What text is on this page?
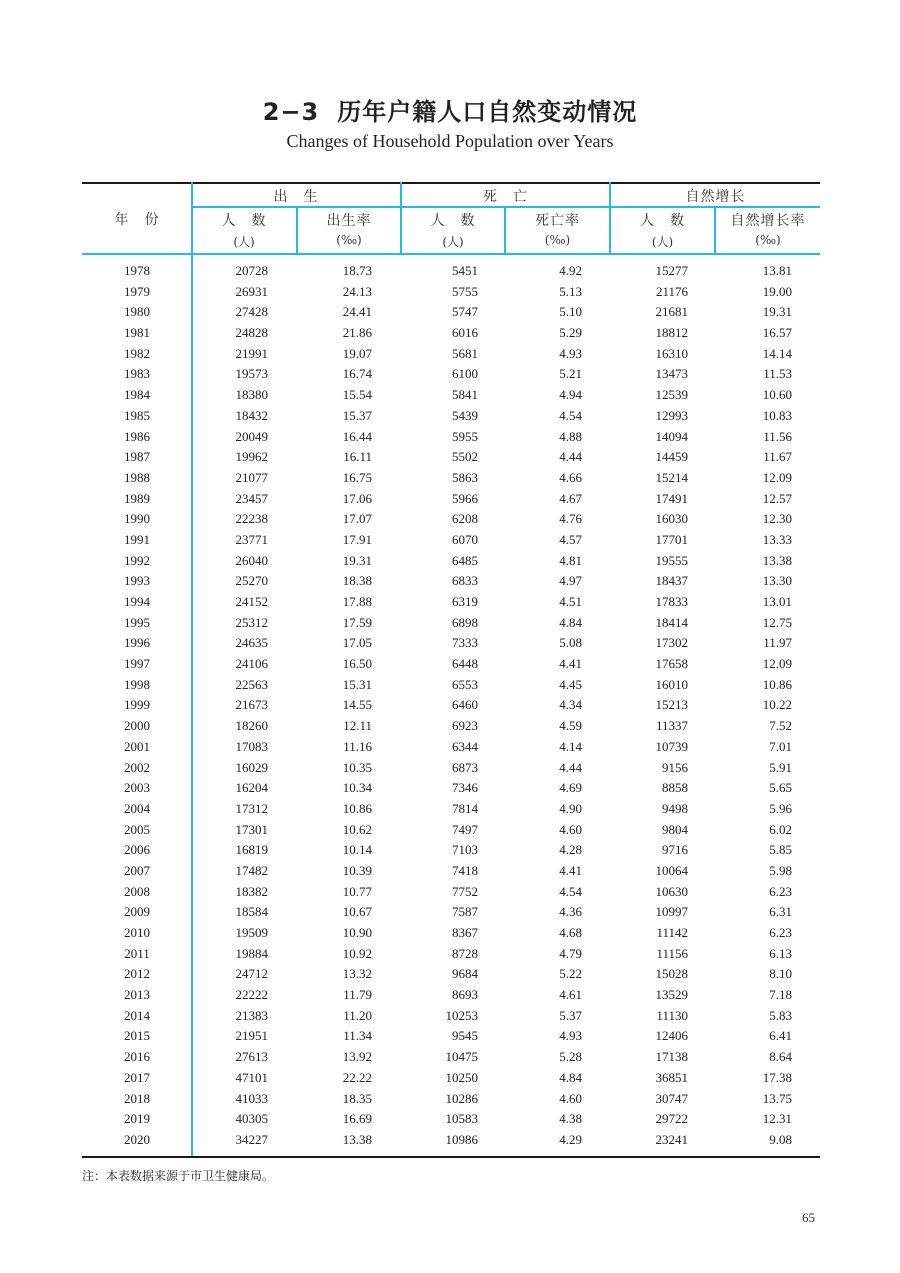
2−3 历年户籍人口自然变动情况
Changes of Household Population over Years
年　份
出　生	死　亡	自然增长
人　数	出生率	人　数	死亡率	人　数	自然增长率
(人)	(‰)	(人)	(‰)	(人)	(‰)
1978	20728	18.73	5451	4.92	15277	13.81
1979	26931	24.13	5755	5.13	21176	19.00
1980	27428	24.41	5747	5.10	21681	19.31
1981	24828	21.86	6016	5.29	18812	16.57
1982	21991	19.07	5681	4.93	16310	14.14
1983	19573	16.74	6100	5.21	13473	11.53
1984	18380	15.54	5841	4.94	12539	10.60
1985	18432	15.37	5439	4.54	12993	10.83
1986	20049	16.44	5955	4.88	14094	11.56
1987	19962	16.11	5502	4.44	14459	11.67
1988	21077	16.75	5863	4.66	15214	12.09
1989	23457	17.06	5966	4.67	17491	12.57
1990	22238	17.07	6208	4.76	16030	12.30
1991	23771	17.91	6070	4.57	17701	13.33
1992	26040	19.31	6485	4.81	19555	13.38
1993	25270	18.38	6833	4.97	18437	13.30
1994	24152	17.88	6319	4.51	17833	13.01
1995	25312	17.59	6898	4.84	18414	12.75
1996	24635	17.05	7333	5.08	17302	11.97
1997	24106	16.50	6448	4.41	17658	12.09
1998	22563	15.31	6553	4.45	16010	10.86
1999	21673	14.55	6460	4.34	15213	10.22
2000	18260	12.11	6923	4.59	11337	7.52
2001	17083	11.16	6344	4.14	10739	7.01
2002	16029	10.35	6873	4.44	9156	5.91
2003	16204	10.34	7346	4.69	8858	5.65
2004	17312	10.86	7814	4.90	9498	5.96
2005	17301	10.62	7497	4.60	9804	6.02
2006	16819	10.14	7103	4.28	9716	5.85
2007	17482	10.39	7418	4.41	10064	5.98
2008	18382	10.77	7752	4.54	10630	6.23
2009	18584	10.67	7587	4.36	10997	6.31
2010	19509	10.90	8367	4.68	11142	6.23
2011	19884	10.92	8728	4.79	11156	6.13
2012	24712	13.32	9684	5.22	15028	8.10
2013	22222	11.79	8693	4.61	13529	7.18
2014	21383	11.20	10253	5.37	11130	5.83
2015	21951	11.34	9545	4.93	12406	6.41
2016	27613	13.92	10475	5.28	17138	8.64
2017	47101	22.22	10250	4.84	36851	17.38
2018	41033	18.35	10286	4.60	30747	13.75
2019	40305	16.69	10583	4.38	29722	12.31
2020	34227	13.38	10986	4.29	23241	9.08
注：本表数据来源于市卫生健康局。
65
